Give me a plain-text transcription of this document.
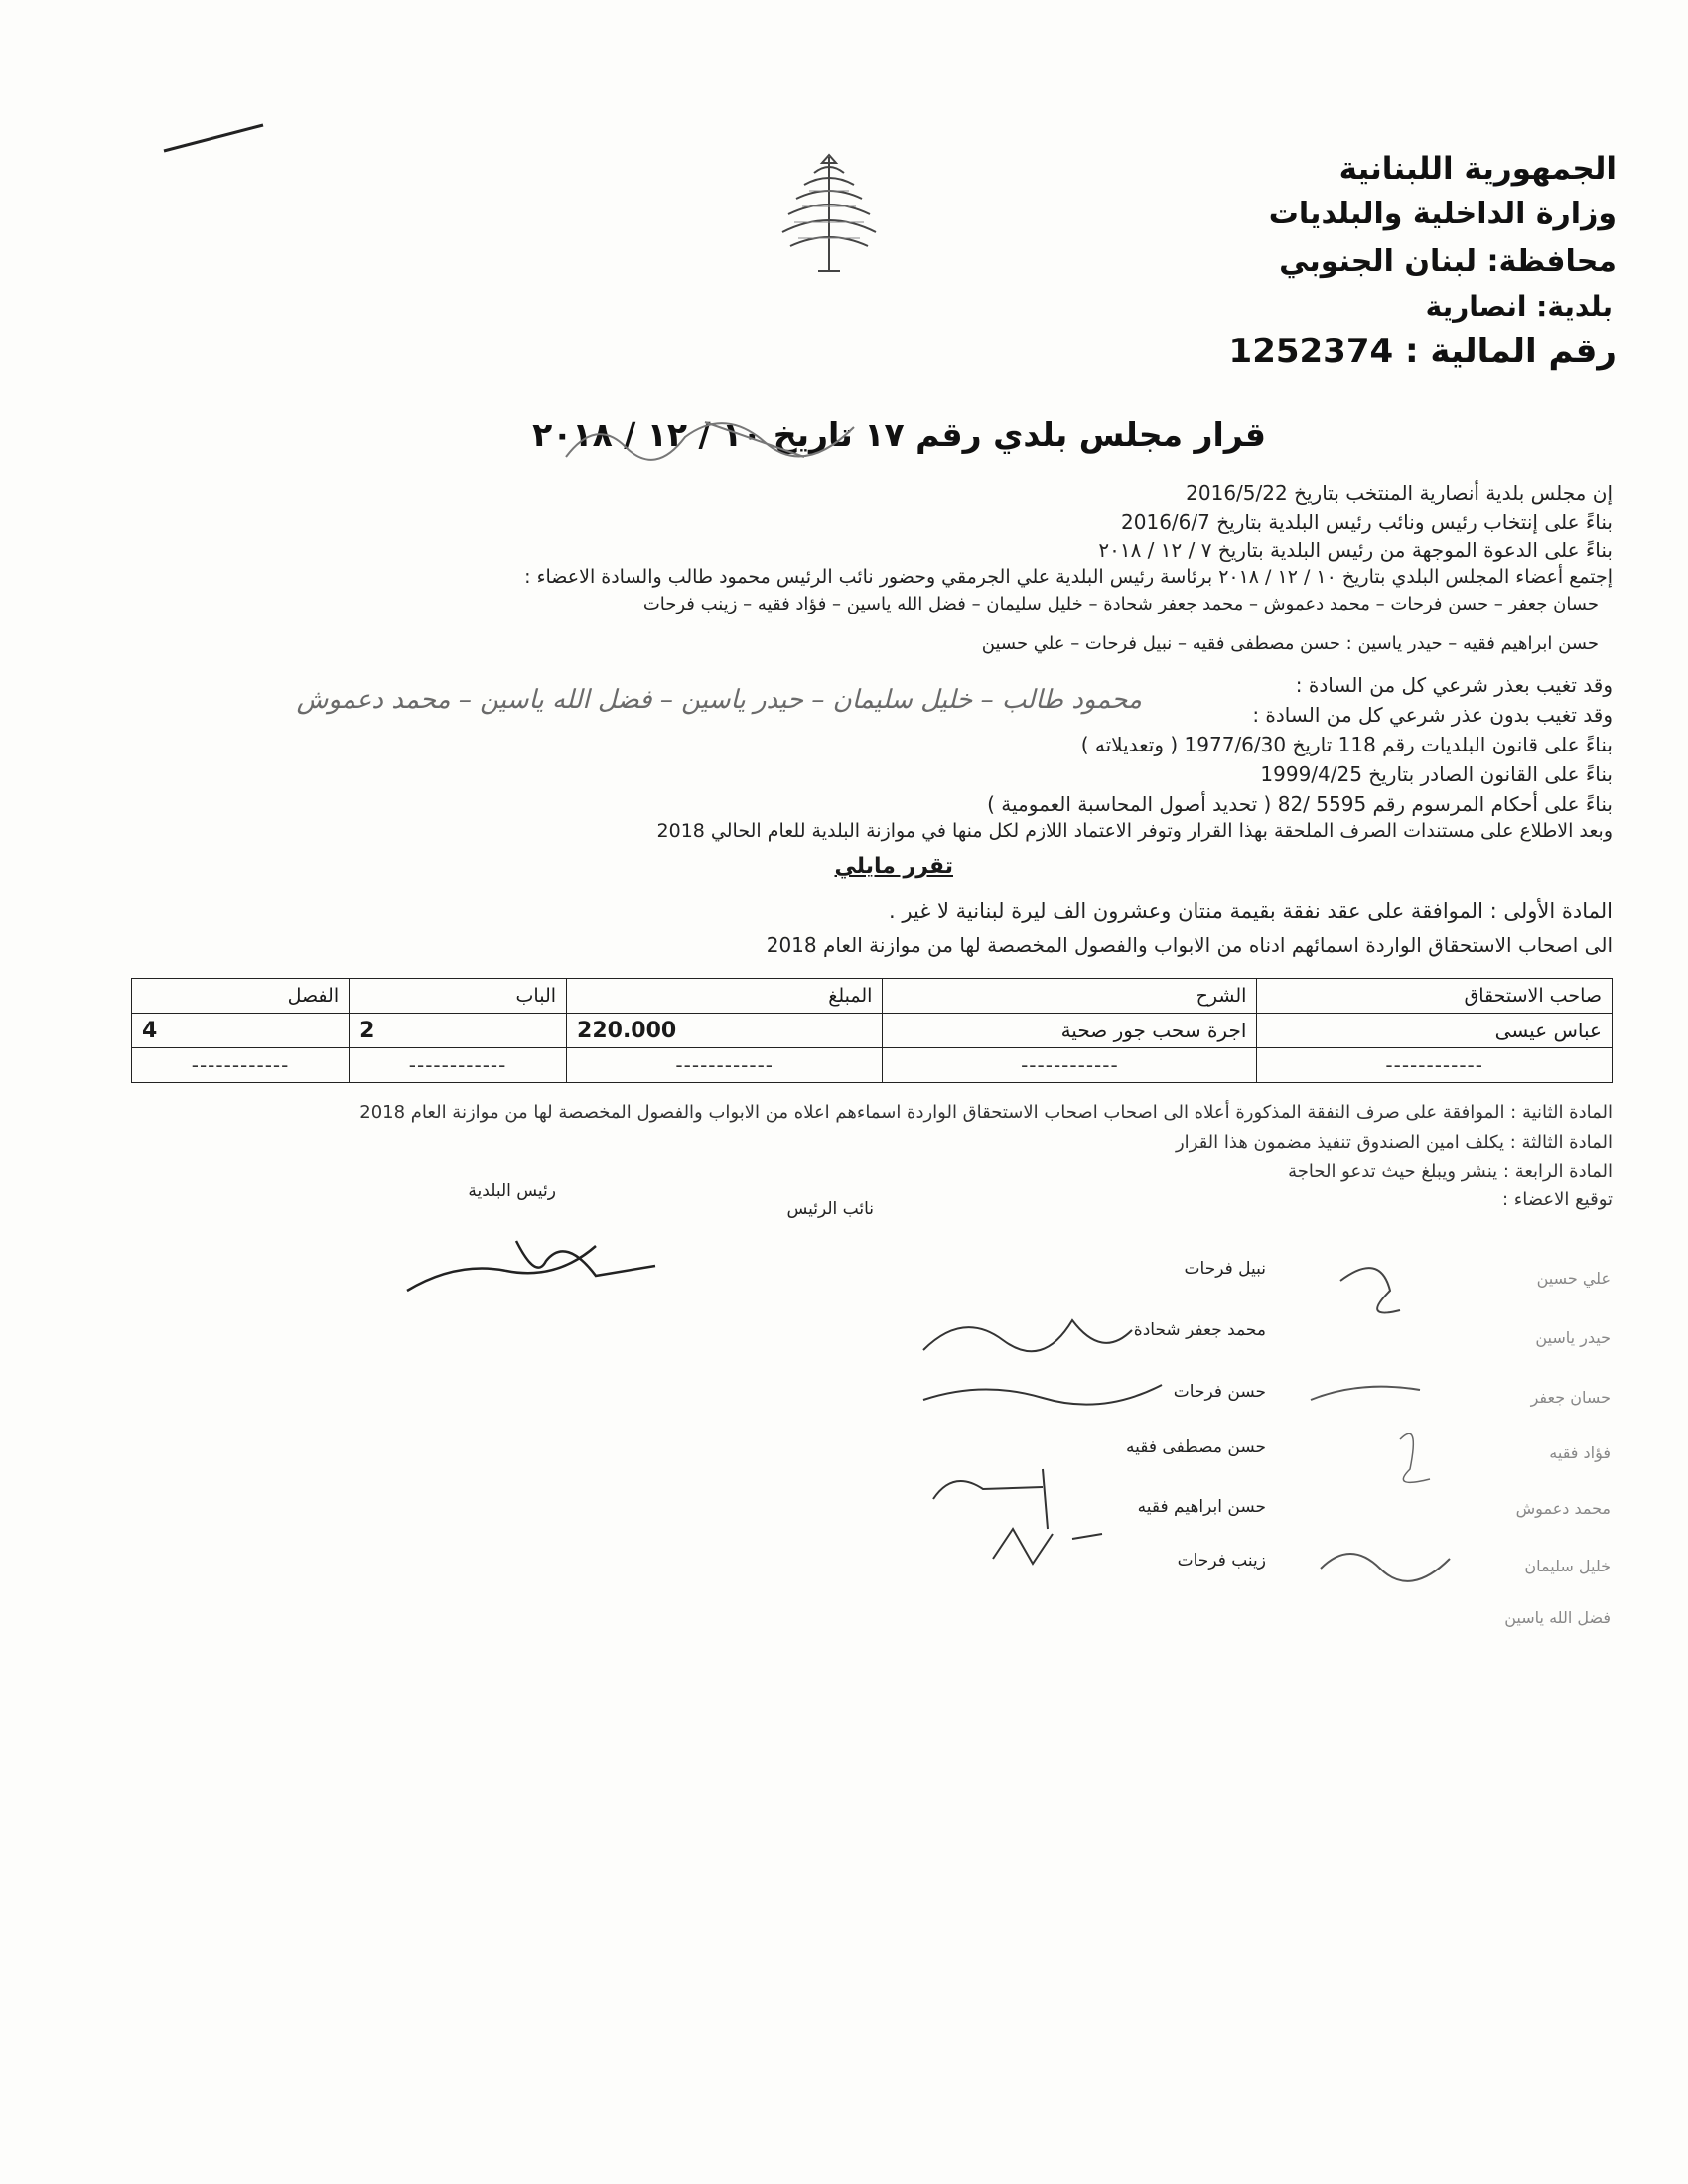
الجمهورية اللبنانية
وزارة الداخلية والبلديات
محافظة: لبنان الجنوبي
بلدية: انصارية
رقم المالية : 1252374
قرار مجلس بلدي رقم ١٧ تاريخ ١٠ / ١٢ / ٢٠١٨
إن مجلس بلدية أنصارية المنتخب بتاريخ 2016/5/22
بناءً على إنتخاب رئيس ونائب رئيس البلدية بتاريخ 2016/6/7
بناءً على الدعوة الموجهة من رئيس البلدية بتاريخ ٧ / ١٢ / ٢٠١٨
إجتمع أعضاء المجلس البلدي بتاريخ ١٠ / ١٢ / ٢٠١٨ برئاسة رئيس البلدية علي الجرمقي وحضور نائب الرئيس محمود طالب والسادة الاعضاء :
حسان جعفر – حسن فرحات – محمد دعموش – محمد جعفر شحادة – خليل سليمان – فضل الله ياسين – فؤاد فقيه – زينب فرحات
حسن ابراهيم فقيه – حيدر ياسين : حسن مصطفى فقيه – نبيل فرحات – علي حسين
وقد تغيب بعذر شرعي كل من السادة :
محمود طالب – خليل سليمان – حيدر ياسين – فضل الله ياسين – محمد دعموش	وقد تغيب بدون عذر شرعي كل من السادة :
بناءً على قانون البلديات رقم 118 تاريخ 1977/6/30 ( وتعديلاته )
بناءً على القانون الصادر بتاريخ 1999/4/25
بناءً على أحكام المرسوم رقم 5595 /82 ( تحديد أصول المحاسبة العمومية )
وبعد الاطلاع على مستندات الصرف الملحقة بهذا القرار وتوفر الاعتماد اللازم لكل منها في موازنة البلدية للعام الحالي 2018
تقرر مايلي
المادة الأولى : الموافقة على عقد نفقة بقيمة منتان وعشرون الف ليرة لبنانية لا غير .
الى اصحاب الاستحقاق الواردة اسمائهم ادناه من الابواب والفصول المخصصة لها من موازنة العام 2018
صاحب الاستحقاق	الشرح	المبلغ	الباب	الفصل
عباس عيسى	اجرة سحب جور صحية	220.000	2	4
------------	------------	------------	------------	------------
المادة الثانية : الموافقة على صرف النفقة المذكورة أعلاه الى اصحاب اصحاب الاستحقاق الواردة اسماءهم اعلاه من الابواب والفصول المخصصة لها من موازنة العام 2018
المادة الثالثة : يكلف امين الصندوق تنفيذ مضمون هذا القرار
المادة الرابعة : ينشر ويبلغ حيث تدعو الحاجة
توقيع الاعضاء :
رئيس البلدية
نائب الرئيس
نبيل فرحات
محمد جعفر شحادة
حسن فرحات
حسن مصطفى فقيه
حسن ابراهيم فقيه
زينب فرحات
علي حسين
حيدر ياسين
حسان جعفر
فؤاد فقيه
محمد دعموش
خليل سليمان
فضل الله ياسين
